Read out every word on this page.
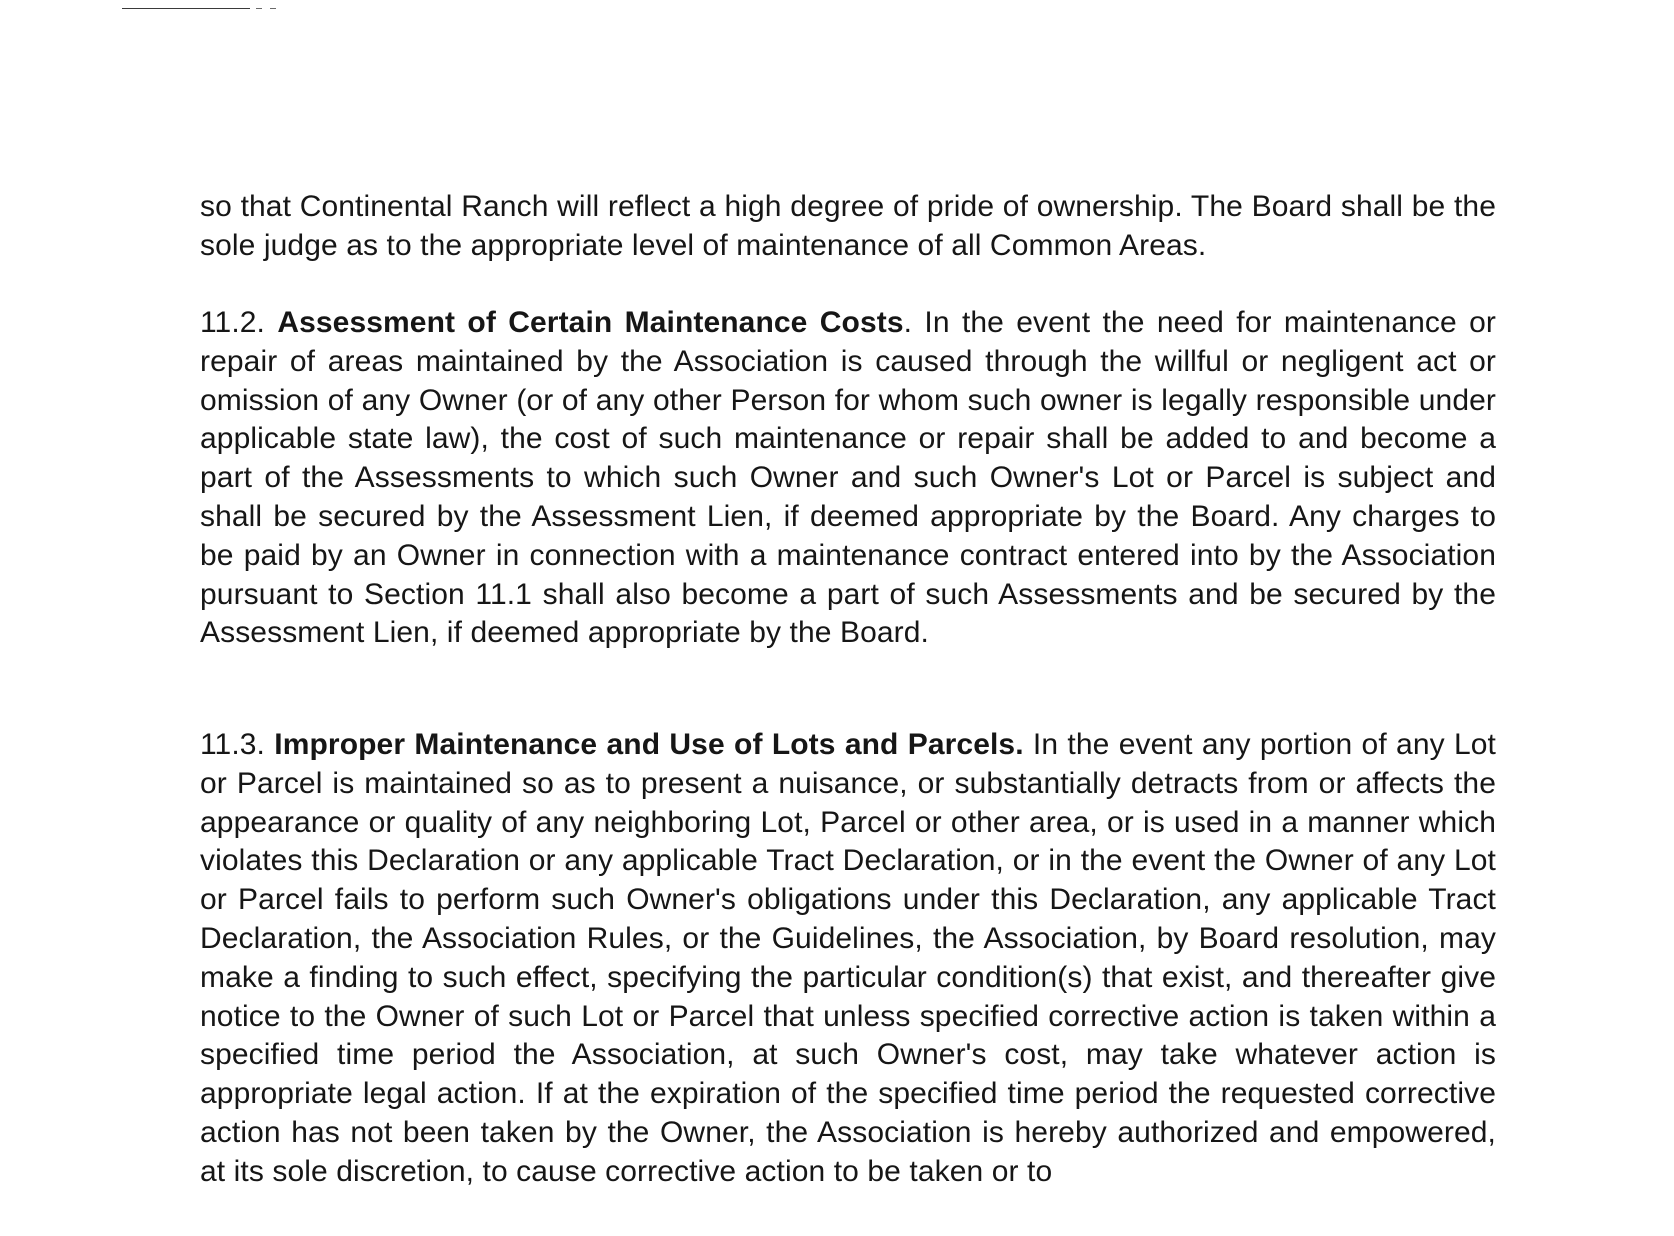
so that Continental Ranch will reflect a high degree of pride of ownership. The Board shall be the sole judge as to the appropriate level of maintenance of all Common Areas.

11.2. Assessment of Certain Maintenance Costs. In the event the need for maintenance or repair of areas maintained by the Association is caused through the willful or negligent act or omission of any Owner (or of any other Person for whom such owner is legally responsible under applicable state law), the cost of such maintenance or repair shall be added to and become a part of the Assessments to which such Owner and such Owner's Lot or Parcel is subject and shall be secured by the Assessment Lien, if deemed appropriate by the Board. Any charges to be paid by an Owner in connection with a maintenance contract entered into by the Association pursuant to Section 11.1 shall also become a part of such Assessments and be secured by the Assessment Lien, if deemed appropriate by the Board.

11.3. Improper Maintenance and Use of Lots and Parcels. In the event any portion of any Lot or Parcel is maintained so as to present a nuisance, or substantially detracts from or affects the appearance or quality of any neighboring Lot, Parcel or other area, or is used in a manner which violates this Declaration or any applicable Tract Declaration, or in the event the Owner of any Lot or Parcel fails to perform such Owner's obligations under this Declaration, any applicable Tract Declaration, the Association Rules, or the Guidelines, the Association, by Board resolution, may make a finding to such effect, specifying the particular condition(s) that exist, and thereafter give notice to the Owner of such Lot or Parcel that unless specified corrective action is taken within a specified time period the Association, at such Owner's cost, may take whatever action is appropriate legal action. If at the expiration of the specified time period the requested corrective action has not been taken by the Owner, the Association is hereby authorized and empowered, at its sole discretion, to cause corrective action to be taken or to
